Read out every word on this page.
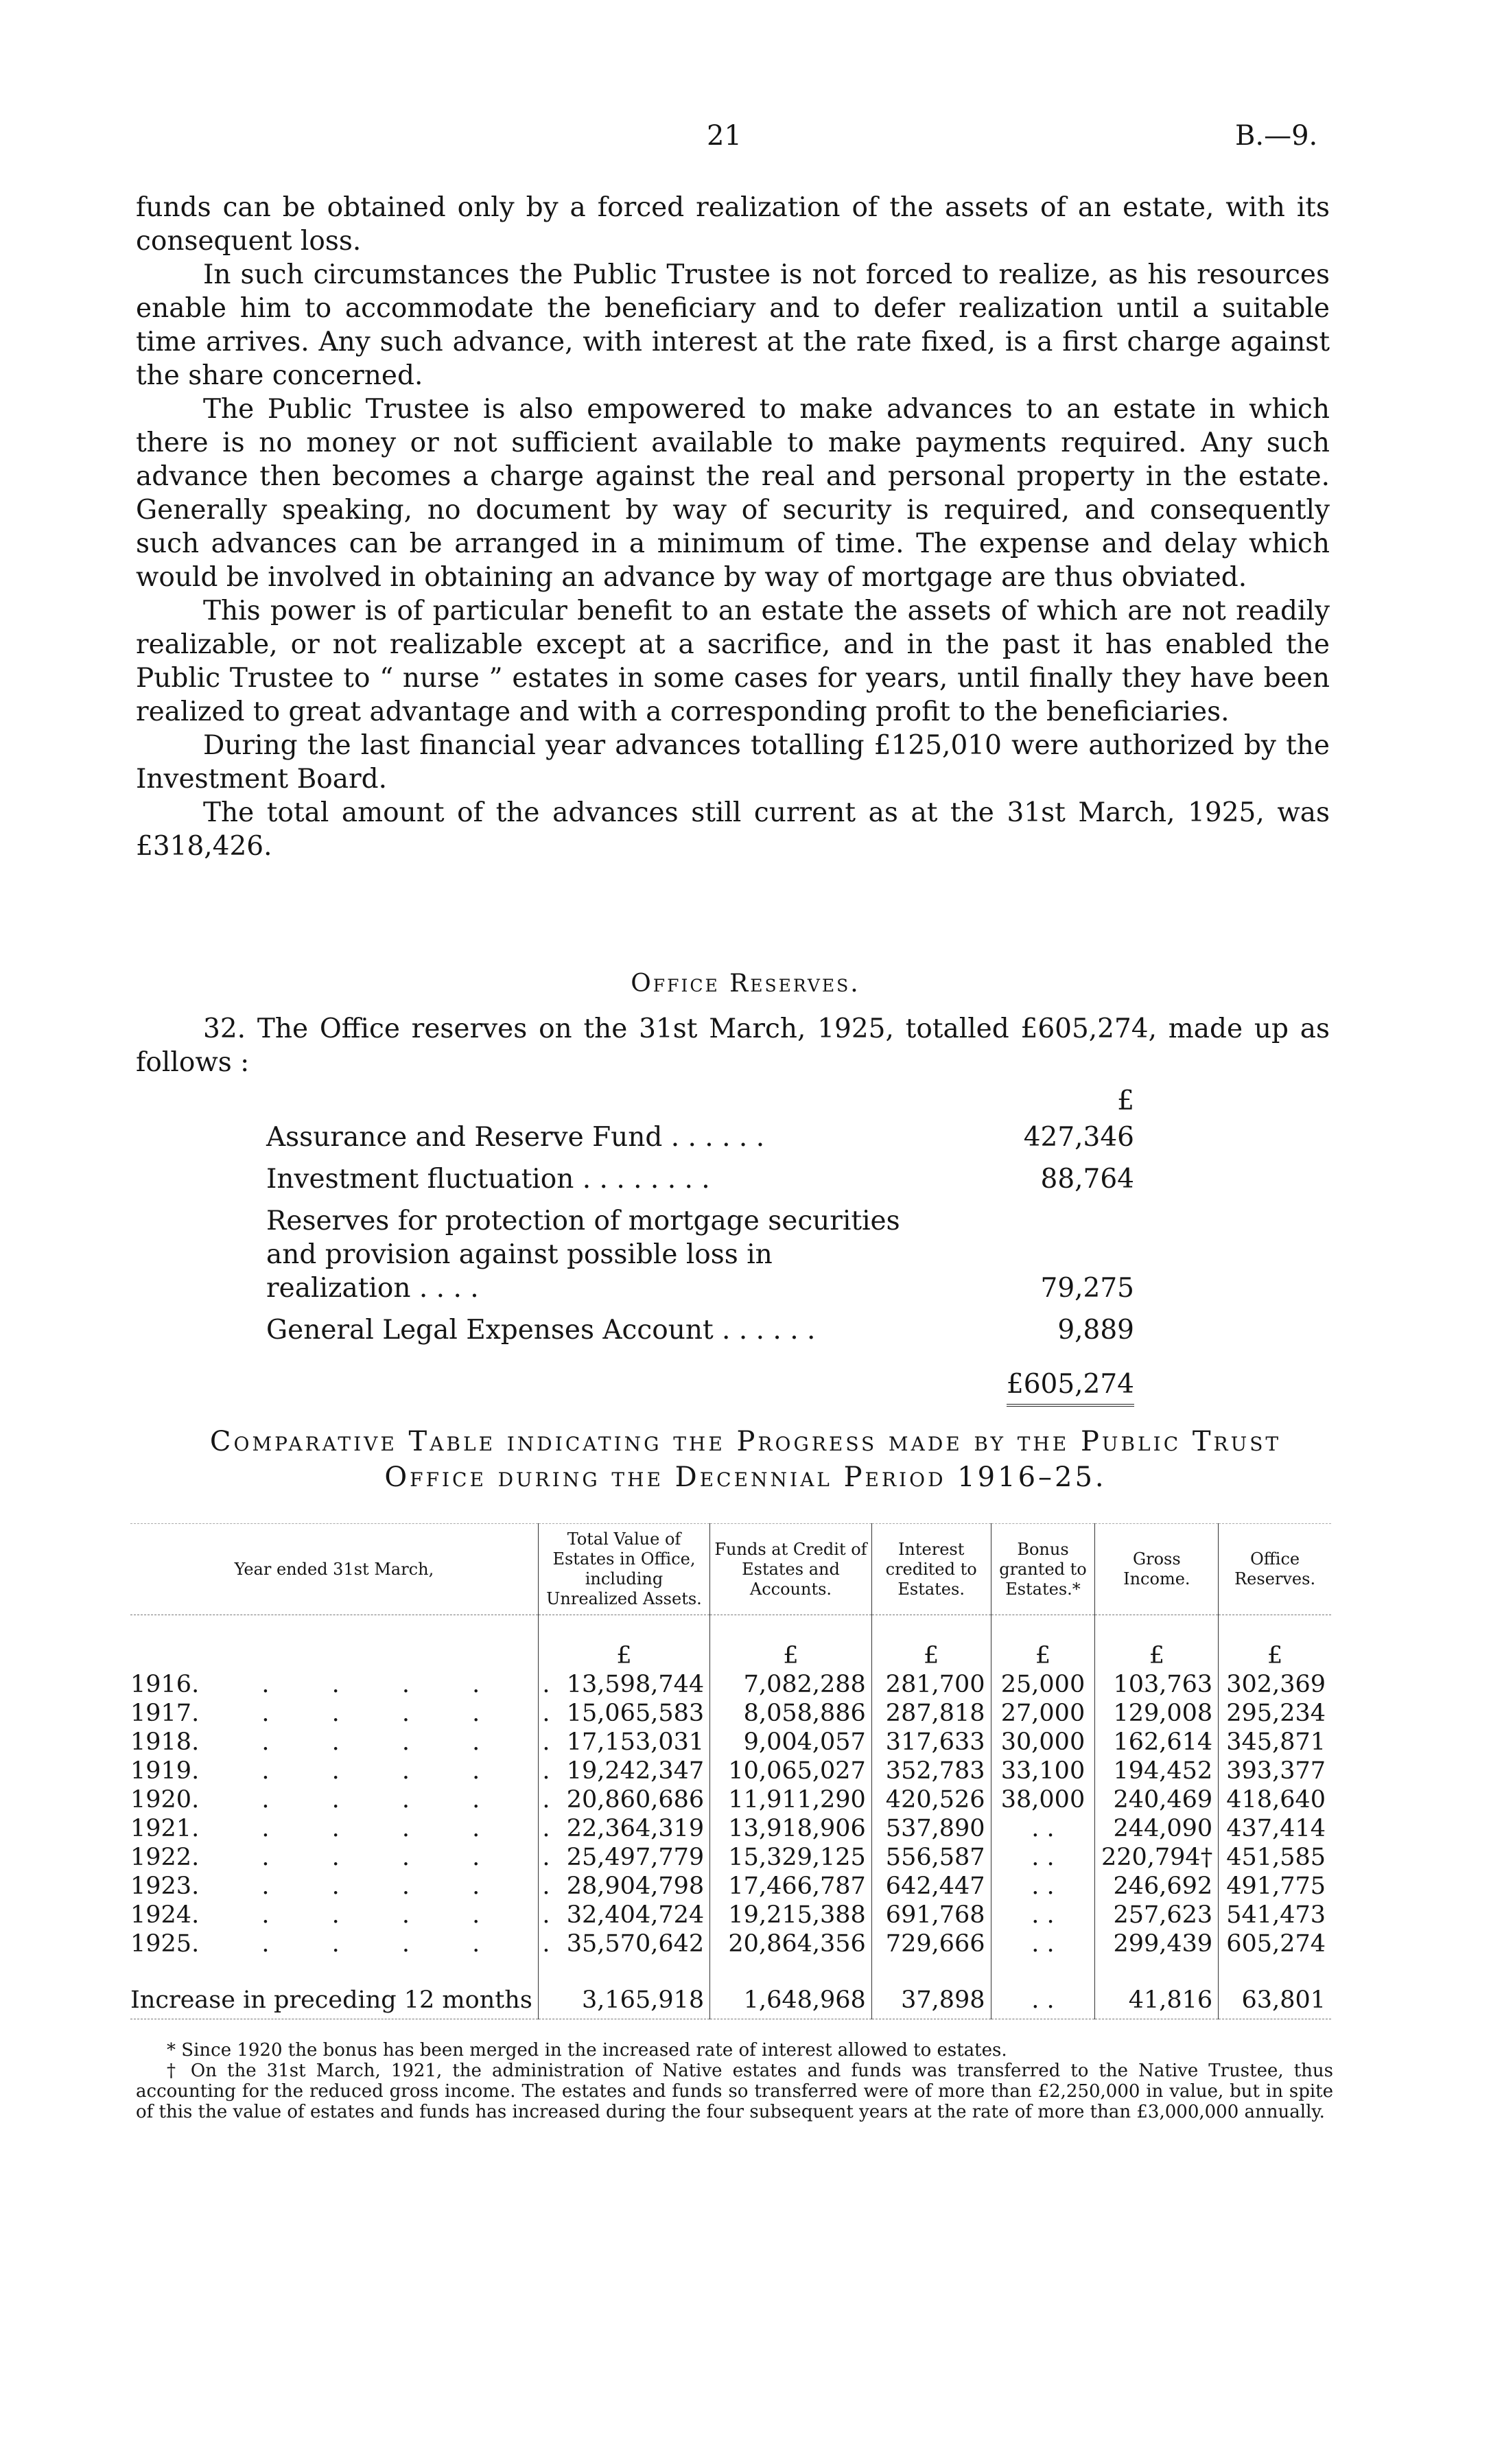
21	B.—9.

funds can be obtained only by a forced realization of the assets of an estate, with its consequent loss.

In such circumstances the Public Trustee is not forced to realize, as his resources enable him to accommodate the beneficiary and to defer realization until a suitable time arrives. Any such advance, with interest at the rate fixed, is a first charge against the share concerned.

The Public Trustee is also empowered to make advances to an estate in which there is no money or not sufficient available to make payments required. Any such advance then becomes a charge against the real and personal property in the estate. Generally speaking, no document by way of security is required, and consequently such advances can be arranged in a minimum of time. The expense and delay which would be involved in obtaining an advance by way of mortgage are thus obviated.

This power is of particular benefit to an estate the assets of which are not readily realizable, or not realizable except at a sacrifice, and in the past it has enabled the Public Trustee to “ nurse ” estates in some cases for years, until finally they have been realized to great advantage and with a corresponding profit to the beneficiaries.

During the last financial year advances totalling £125,010 were authorized by the Investment Board.

The total amount of the advances still current as at the 31st March, 1925, was £318,426.

Office Reserves.
32. The Office reserves on the 31st March, 1925, totalled £605,274, made up as follows :
£
Assurance and Reserve Fund . . . . . .	427,346
Investment fluctuation . . . . . . . .	88,764
Reserves for protection of mortgage securities and provision against possible loss in realization . . . .	79,275
General Legal Expenses Account . . . . . .	9,889
£605,274
Comparative Table indicating the Progress made by the Public Trust
Office during the Decennial Period 1916–25.
Year ended 31st March,	Total Value of Estates in Office, including Unrealized Assets.	Funds at Credit of Estates and Accounts.	Interest credited to Estates.	Bonus granted to Estates.*	Gross Income.	Office Reserves.
	£	£	£	£	£	£
1916. . . . . .	13,598,744	7,082,288	281,700	25,000	103,763	302,369
1917. . . . . .	15,065,583	8,058,886	287,818	27,000	129,008	295,234
1918. . . . . .	17,153,031	9,004,057	317,633	30,000	162,614	345,871
1919. . . . . .	19,242,347	10,065,027	352,783	33,100	194,452	393,377
1920. . . . . .	20,860,686	11,911,290	420,526	38,000	240,469	418,640
1921. . . . . .	22,364,319	13,918,906	537,890	. .	244,090	437,414
1922. . . . . .	25,497,779	15,329,125	556,587	. .	220,794†	451,585
1923. . . . . .	28,904,798	17,466,787	642,447	. .	246,692	491,775
1924. . . . . .	32,404,724	19,215,388	691,768	. .	257,623	541,473
1925. . . . . .	35,570,642	20,864,356	729,666	. .	299,439	605,274

Increase in preceding 12 months	3,165,918	1,648,968	37,898	. .	41,816	63,801

* Since 1920 the bonus has been merged in the increased rate of interest allowed to estates.

† On the 31st March, 1921, the administration of Native estates and funds was transferred to the Native Trustee, thus accounting for the reduced gross income. The estates and funds so transferred were of more than £2,250,000 in value, but in spite of this the value of estates and funds has increased during the four subsequent years at the rate of more than £3,000,000 annually.
